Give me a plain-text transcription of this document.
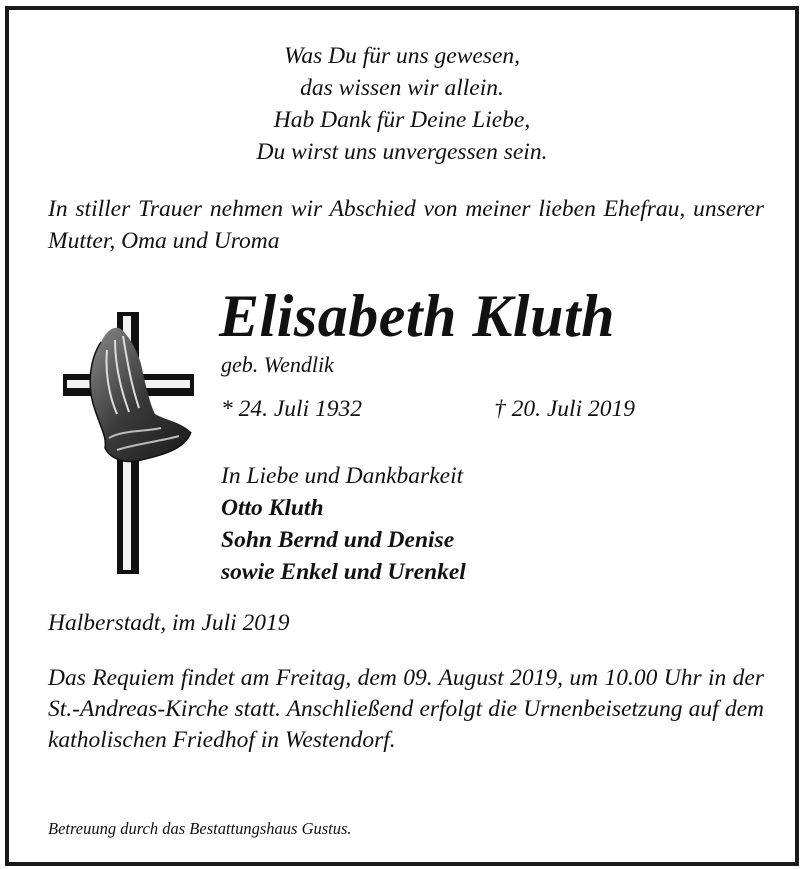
Was Du für uns gewesen,
das wissen wir allein.
Hab Dank für Deine Liebe,
Du wirst uns unvergessen sein.
In stiller Trauer nehmen wir Abschied von meiner lieben Ehefrau, unserer Mutter, Oma und Uroma
Elisabeth Kluth
geb. Wendlik
* 24. Juli 1932	† 20. Juli 2019
In Liebe und Dankbarkeit
Otto Kluth
Sohn Bernd und Denise
sowie Enkel und Urenkel
Halberstadt, im Juli 2019
Das Requiem findet am Freitag, dem 09. August 2019, um 10.00 Uhr in der St.-Andreas-Kirche statt. Anschließend erfolgt die Urnenbeisetzung auf dem katholischen Friedhof in Westendorf.
Betreuung durch das Bestattungshaus Gustus.
